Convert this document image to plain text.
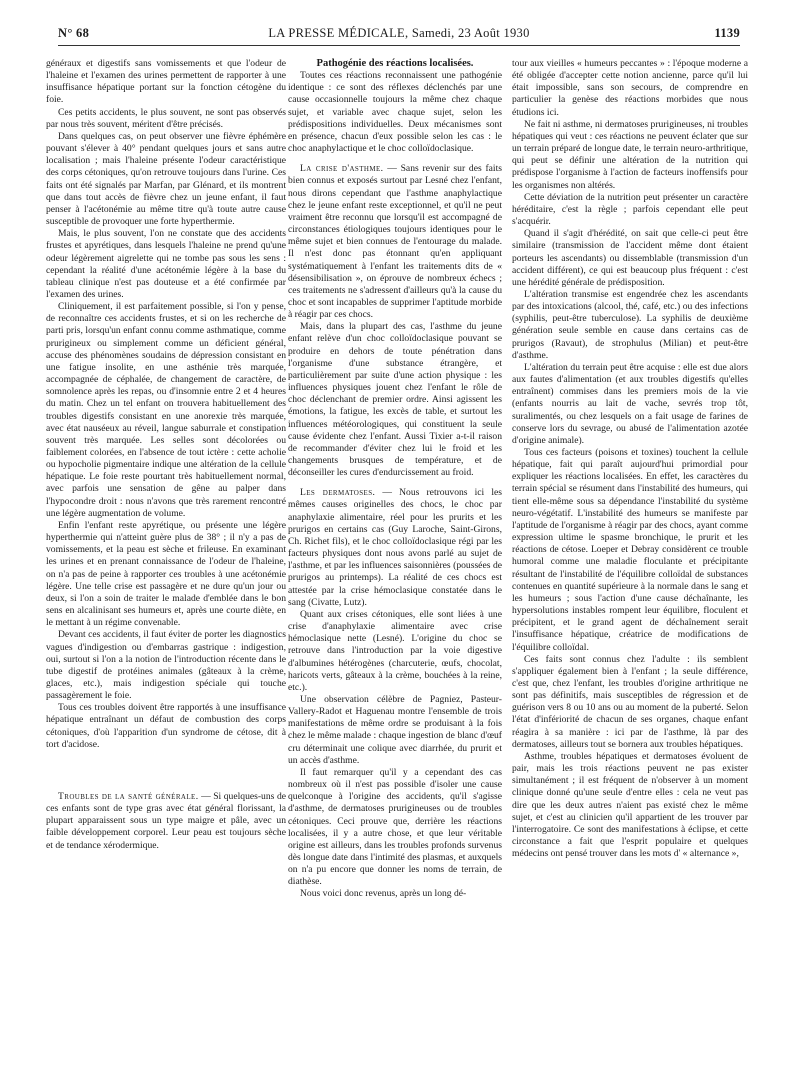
N° 68	LA PRESSE MÉDICALE, Samedi, 23 Août 1930	1139

généraux et digestifs sans vomissements et que l'odeur de l'haleine et l'examen des urines permettent de rapporter à une insuffisance hépatique portant sur la fonction cétogène du foie.

Ces petits accidents, le plus souvent, ne sont pas observés par nous très souvent, méritent d'être précisés.

Dans quelques cas, on peut observer une fièvre éphémère pouvant s'élever à 40° pendant quelques jours et sans autre localisation ; mais l'haleine présente l'odeur caractéristique des corps cétoniques, qu'on retrouve toujours dans l'urine. Ces faits ont été signalés par Marfan, par Glénard, et ils montrent que dans tout accès de fièvre chez un jeune enfant, il faut penser à l'acétonémie au même titre qu'à toute autre cause susceptible de provoquer une forte hyperthermie.

Mais, le plus souvent, l'on ne constate que des accidents frustes et apyrétiques, dans lesquels l'haleine ne prend qu'une odeur légèrement aigrelette qui ne tombe pas sous les sens : cependant la réalité d'une acétonémie légère à la base du tableau clinique n'est pas douteuse et a été confirmée par l'examen des urines.

Cliniquement, il est parfaitement possible, si l'on y pense, de reconnaître ces accidents frustes, et si on les recherche de parti pris, lorsqu'un enfant connu comme asthmatique, comme prurigineux ou simplement comme un déficient général, accuse des phénomènes soudains de dépression consistant en une fatigue insolite, en une asthénie très marquée, accompagnée de céphalée, de changement de caractère, de somnolence après les repas, ou d'insomnie entre 2 et 4 heures du matin. Chez un tel enfant on trouvera habituellement des troubles digestifs consistant en une anorexie très marquée, avec état nauséeux au réveil, langue saburrale et constipation souvent très marquée. Les selles sont décolorées ou faiblement colorées, en l'absence de tout ictère : cette acholie ou hypocholie pigmentaire indique une altération de la cellule hépatique. Le foie reste pourtant très habituellement normal, avec parfois une sensation de gêne au palper dans l'hypocondre droit : nous n'avons que très rarement rencontré une légère augmentation de volume.

Enfin l'enfant reste apyrétique, ou présente une légère hyperthermie qui n'atteint guère plus de 38° ; il n'y a pas de vomissements, et la peau est sèche et frileuse. En examinant les urines et en prenant connaissance de l'odeur de l'haleine, on n'a pas de peine à rapporter ces troubles à une acétonémie légère. Une telle crise est passagère et ne dure qu'un jour ou deux, si l'on a soin de traiter le malade d'emblée dans le bon sens en alcalinisant ses humeurs et, après une courte diète, en le mettant à un régime convenable.

Devant ces accidents, il faut éviter de porter les diagnostics vagues d'indigestion ou d'embarras gastrique : indigestion, oui, surtout si l'on a la notion de l'introduction récente dans le tube digestif de protéines animales (gâteaux à la crème, glaces, etc.), mais indigestion spéciale qui touche passagèrement le foie.

Tous ces troubles doivent être rapportés à une insuffisance hépatique entraînant un défaut de combustion des corps cétoniques, d'où l'apparition d'un syndrome de cétose, dit à tort d'acidose.

Troubles de la santé générale. — Si quelques-uns de ces enfants sont de type gras avec état général florissant, la plupart apparaissent sous un type maigre et pâle, avec un faible développement corporel. Leur peau est toujours sèche et de tendance xérodermique.

Pathogénie des réactions localisées.

Toutes ces réactions reconnaissent une pathogénie identique : ce sont des réflexes déclenchés par une cause occasionnelle toujours la même chez chaque sujet, et variable avec chaque sujet, selon les prédispositions individuelles. Deux mécanismes sont en présence, chacun d'eux possible selon les cas : le choc anaphylactique et le choc colloïdoclasique.

La crise d'asthme. — Sans revenir sur des faits bien connus et exposés surtout par Lesné chez l'enfant, nous dirons cependant que l'asthme anaphylactique chez le jeune enfant reste exceptionnel, et qu'il ne peut vraiment être reconnu que lorsqu'il est accompagné de circonstances étiologiques toujours identiques pour le même sujet et bien connues de l'entourage du malade. Il n'est donc pas étonnant qu'en appliquant systématiquement à l'enfant les traitements dits de « désensibilisation », on éprouve de nombreux échecs ; ces traitements ne s'adressent d'ailleurs qu'à la cause du choc et sont incapables de supprimer l'aptitude morbide à réagir par ces chocs.

Mais, dans la plupart des cas, l'asthme du jeune enfant relève d'un choc colloïdoclasique pouvant se produire en dehors de toute pénétration dans l'organisme d'une substance étrangère, et particulièrement par suite d'une action physique : les influences physiques jouent chez l'enfant le rôle de choc déclenchant de premier ordre. Ainsi agissent les émotions, la fatigue, les excès de table, et surtout les influences météorologiques, qui constituent la seule cause évidente chez l'enfant. Aussi Tixier a-t-il raison de recommander d'éviter chez lui le froid et les changements brusques de température, et de déconseiller les cures d'endurcissement au froid.

Les dermatoses. — Nous retrouvons ici les mêmes causes originelles des chocs, le choc par anaphylaxie alimentaire, réel pour les prurits et les prurigos en certains cas (Guy Laroche, Saint-Girons, Ch. Richet fils), et le choc colloïdoclasique régi par les facteurs physiques dont nous avons parlé au sujet de l'asthme, et par les influences saisonnières (poussées de prurigos au printemps). La réalité de ces chocs est attestée par la crise hémoclasique constatée dans le sang (Civatte, Lutz).

Quant aux crises cétoniques, elle sont liées à une crise d'anaphylaxie alimentaire avec crise hémoclasique nette (Lesné). L'origine du choc se retrouve dans l'introduction par la voie digestive d'albumines hétérogènes (charcuterie, œufs, chocolat, haricots verts, gâteaux à la crème, bouchées à la reine, etc.).

Une observation célèbre de Pagniez, Pasteur-Vallery-Radot et Haguenau montre l'ensemble de trois manifestations de même ordre se produisant à la fois chez le même malade : chaque ingestion de blanc d'œuf cru déterminait une colique avec diarrhée, du prurit et un accès d'asthme.

Il faut remarquer qu'il y a cependant des cas nombreux où il n'est pas possible d'isoler une cause quelconque à l'origine des accidents, qu'il s'agisse d'asthme, de dermatoses prurigineuses ou de troubles cétoniques. Ceci prouve que, derrière les réactions localisées, il y a autre chose, et que leur véritable origine est ailleurs, dans les troubles profonds survenus dès longue date dans l'intimité des plasmas, et auxquels on n'a pu encore que donner les noms de terrain, de diathèse.

Nous voici donc revenus, après un long dé-

tour aux vieilles « humeurs peccantes » : l'époque moderne a été obligée d'accepter cette notion ancienne, parce qu'il lui était impossible, sans son secours, de comprendre en particulier la genèse des réactions morbides que nous étudions ici.

Ne fait ni asthme, ni dermatoses prurigineuses, ni troubles hépatiques qui veut : ces réactions ne peuvent éclater que sur un terrain préparé de longue date, le terrain neuro-arthritique, qui peut se définir une altération de la nutrition qui prédispose l'organisme à l'action de facteurs inoffensifs pour les organismes non altérés.

Cette déviation de la nutrition peut présenter un caractère héréditaire, c'est la règle ; parfois cependant elle peut s'acquérir.

Quand il s'agit d'hérédité, on sait que celle-ci peut être similaire (transmission de l'accident même dont étaient porteurs les ascendants) ou dissemblable (transmission d'un accident différent), ce qui est beaucoup plus fréquent : c'est une hérédité générale de prédisposition.

L'altération transmise est engendrée chez les ascendants par des intoxications (alcool, thé, café, etc.) ou des infections (syphilis, peut-être tuberculose). La syphilis de deuxième génération seule semble en cause dans certains cas de prurigos (Ravaut), de strophulus (Milian) et peut-être d'asthme.

L'altération du terrain peut être acquise : elle est due alors aux fautes d'alimentation (et aux troubles digestifs qu'elles entraînent) commises dans les premiers mois de la vie (enfants nourris au lait de vache, sevrés trop tôt, suralimentés, ou chez lesquels on a fait usage de farines de conserve lors du sevrage, ou abusé de l'alimentation azotée d'origine animale).

Tous ces facteurs (poisons et toxines) touchent la cellule hépatique, fait qui paraît aujourd'hui primordial pour expliquer les réactions localisées. En effet, les caractères du terrain spécial se résument dans l'instabilité des humeurs, qui tient elle-même sous sa dépendance l'instabilité du système neuro-végétatif. L'instabilité des humeurs se manifeste par l'aptitude de l'organisme à réagir par des chocs, ayant comme expression ultime le spasme bronchique, le prurit et les réactions de cétose. Loeper et Debray considèrent ce trouble humoral comme une maladie floculante et précipitante résultant de l'instabilité de l'équilibre colloïdal de substances contenues en quantité supérieure à la normale dans le sang et les humeurs ; sous l'action d'une cause déchaînante, les hypersolutions instables rompent leur équilibre, floculent et précipitent, et le grand agent de déchaînement serait l'insuffisance hépatique, créatrice de modifications de l'équilibre colloïdal.

Ces faits sont connus chez l'adulte : ils semblent s'appliquer également bien à l'enfant ; la seule différence, c'est que, chez l'enfant, les troubles d'origine arthritique ne sont pas définitifs, mais susceptibles de régression et de guérison vers 8 ou 10 ans ou au moment de la puberté. Selon l'état d'infériorité de chacun de ses organes, chaque enfant réagira à sa manière : ici par de l'asthme, là par des dermatoses, ailleurs tout se bornera aux troubles hépatiques.

Asthme, troubles hépatiques et dermatoses évoluent de pair, mais les trois réactions peuvent ne pas exister simultanément ; il est fréquent de n'observer à un moment clinique donné qu'une seule d'entre elles : cela ne veut pas dire que les deux autres n'aient pas existé chez le même sujet, et c'est au clinicien qu'il appartient de les trouver par l'interrogatoire. Ce sont des manifestations à éclipse, et cette circonstance a fait que l'esprit populaire et quelques médecins ont pensé trouver dans les mots d' « alternance »,
